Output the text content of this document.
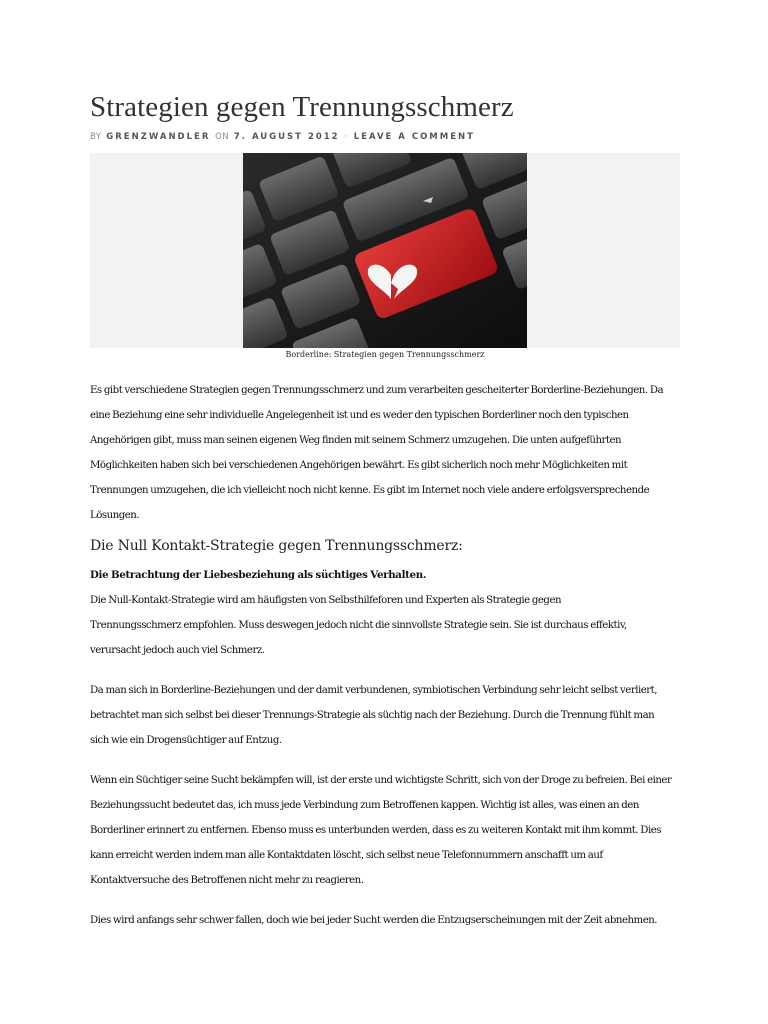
Strategien gegen Trennungsschmerz
BY GRENZWANDLER ON 7. AUGUST 2012 · LEAVE A COMMENT
Borderline: Strategien gegen Trennungsschmerz
Es gibt verschiedene Strategien gegen Trennungsschmerz und zum verarbeiten gescheiterter Borderline-Beziehungen. Da
eine Beziehung eine sehr individuelle Angelegenheit ist und es weder den typischen Borderliner noch den typischen
Angehörigen gibt, muss man seinen eigenen Weg finden mit seinem Schmerz umzugehen. Die unten aufgeführten
Möglichkeiten haben sich bei verschiedenen Angehörigen bewährt. Es gibt sicherlich noch mehr Möglichkeiten mit
Trennungen umzugehen, die ich vielleicht noch nicht kenne. Es gibt im Internet noch viele andere erfolgsversprechende
Lösungen.
Die Null Kontakt-Strategie gegen Trennungsschmerz:
Die Betrachtung der Liebesbeziehung als süchtiges Verhalten.
Die Null-Kontakt-Strategie wird am häufigsten von Selbsthilfeforen und Experten als Strategie gegen
Trennungsschmerz empfohlen. Muss deswegen jedoch nicht die sinnvollste Strategie sein. Sie ist durchaus effektiv,
verursacht jedoch auch viel Schmerz.
Da man sich in Borderline-Beziehungen und der damit verbundenen, symbiotischen Verbindung sehr leicht selbst verliert,
betrachtet man sich selbst bei dieser Trennungs-Strategie als süchtig nach der Beziehung. Durch die Trennung fühlt man
sich wie ein Drogensüchtiger auf Entzug.
Wenn ein Süchtiger seine Sucht bekämpfen will, ist der erste und wichtigste Schritt, sich von der Droge zu befreien. Bei einer
Beziehungssucht bedeutet das, ich muss jede Verbindung zum Betroffenen kappen. Wichtig ist alles, was einen an den
Borderliner erinnert zu entfernen. Ebenso muss es unterbunden werden, dass es zu weiteren Kontakt mit ihm kommt. Dies
kann erreicht werden indem man alle Kontaktdaten löscht, sich selbst neue Telefonnummern anschafft um auf
Kontaktversuche des Betroffenen nicht mehr zu reagieren.
Dies wird anfangs sehr schwer fallen, doch wie bei jeder Sucht werden die Entzugserscheinungen mit der Zeit abnehmen.
